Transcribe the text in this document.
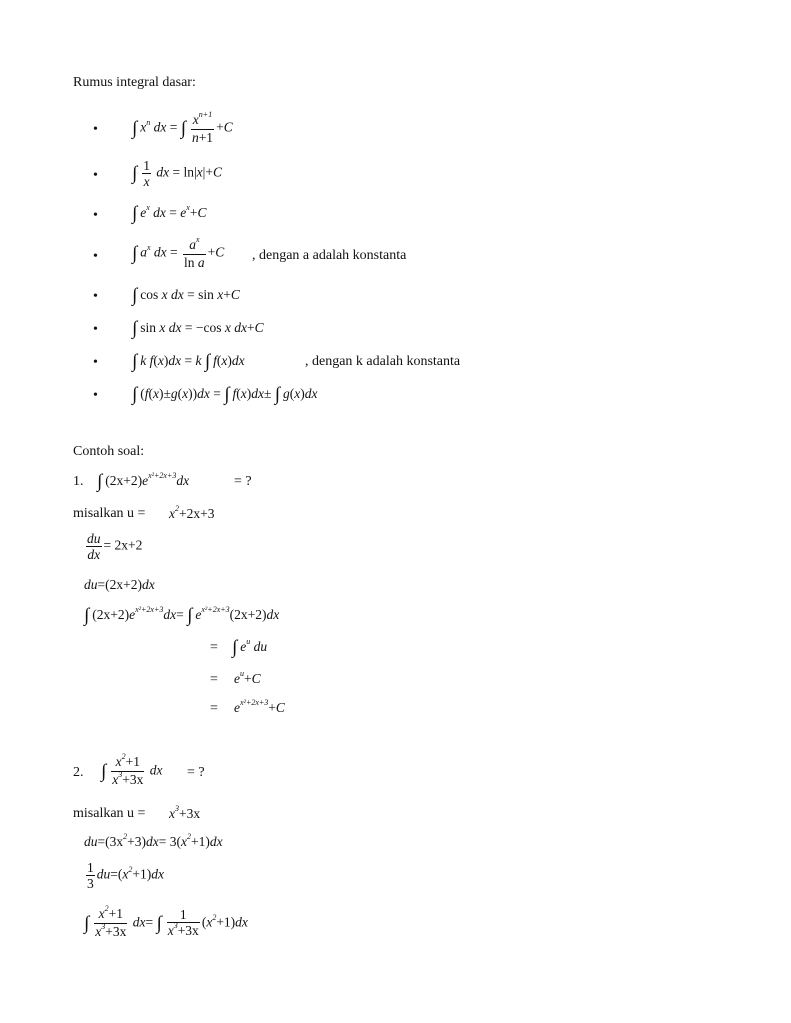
Rumus integral dasar:
• ∫ $x^n$ dx = ∫ $\frac{x^{n+1}}{n+1} +C$
• ∫ $\frac{1}{x}$ dx = ln|x|+C
• ∫ $e^x$ dx = $e^x+C$
• ∫ $a^x$ dx = $\frac{a^x}{\text{ln a}} +C$ , dengan a adalah konstanta
• ∫ cos x dx = sin x+C
• ∫ sin x dx = −cos x dx+C
• ∫ k f(x)dx = k ∫ f(x)dx	, dengan k adalah konstanta
• ∫ (f(x)±g(x))dx = ∫ f(x)dx± ∫ g(x)dx
Contoh soal:
1. ∫ $(2x+2)e^{x^2+2x+3}dx$	= ?
misalkan $u = x^2+2x+3$
$\frac{du}{dx} = 2x+2$
du=(2x+2)dx
∫ $(2x+2)e^{x^2+2x+3}dx=$ ∫ $e^{x^2+2x+3}(2x+2)dx$
= ∫ $e^u$ du
= $e^u+C$
= $e^{x^2+2x+3}+C$
2. ∫ $\frac{x^2+1}{x^3+3x}$ dx = ?
misalkan $u = x^3+3x$
$du=(3x^2+3)dx= 3(x^2+1)dx$
$\frac{1}{3} du=(x^2+1)dx$
∫ $\frac{x^2+1}{x^3+3x} dx=$ ∫ $\frac{1}{x^3+3x} (x^2+1)dx$
